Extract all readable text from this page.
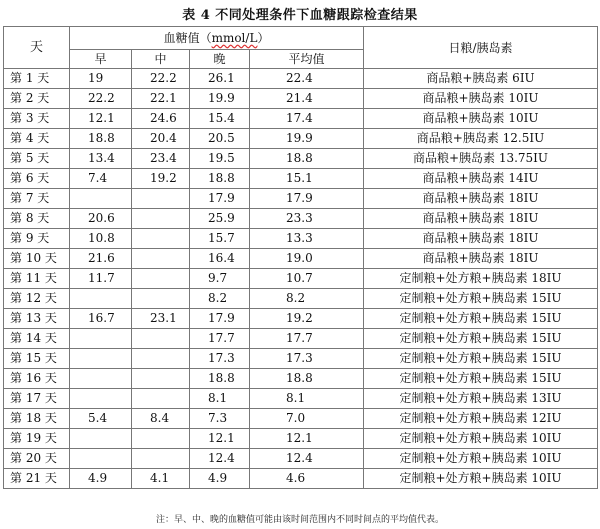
表 4 不同处理条件下血糖跟踪检查结果
天	血糖值（mmol/L）				日粮/胰岛素
	早	中	晚	平均值	
第 1 天	19	22.2	26.1	22.4	商品粮+胰岛素 6IU
第 2 天	22.2	22.1	19.9	21.4	商品粮+胰岛素 10IU
第 3 天	12.1	24.6	15.4	17.4	商品粮+胰岛素 10IU
第 4 天	18.8	20.4	20.5	19.9	商品粮+胰岛素 12.5IU
第 5 天	13.4	23.4	19.5	18.8	商品粮+胰岛素 13.75IU
第 6 天	7.4	19.2	18.8	15.1	商品粮+胰岛素 14IU
第 7 天			17.9	17.9	商品粮+胰岛素 18IU
第 8 天	20.6		25.9	23.3	商品粮+胰岛素 18IU
第 9 天	10.8		15.7	13.3	商品粮+胰岛素 18IU
第 10 天	21.6		16.4	19.0	商品粮+胰岛素 18IU
第 11 天	11.7		9.7	10.7	定制粮+处方粮+胰岛素 18IU
第 12 天			8.2	8.2	定制粮+处方粮+胰岛素 15IU
第 13 天	16.7	23.1	17.9	19.2	定制粮+处方粮+胰岛素 15IU
第 14 天			17.7	17.7	定制粮+处方粮+胰岛素 15IU
第 15 天			17.3	17.3	定制粮+处方粮+胰岛素 15IU
第 16 天			18.8	18.8	定制粮+处方粮+胰岛素 15IU
第 17 天			8.1	8.1	定制粮+处方粮+胰岛素 13IU
第 18 天	5.4	8.4	7.3	7.0	定制粮+处方粮+胰岛素 12IU
第 19 天			12.1	12.1	定制粮+处方粮+胰岛素 10IU
第 20 天			12.4	12.4	定制粮+处方粮+胰岛素 10IU
第 21 天	4.9	4.1	4.9	4.6	定制粮+处方粮+胰岛素 10IU
注：早、中、晚的血糖值可能由该时间范围内不同时间点的平均值代表。
